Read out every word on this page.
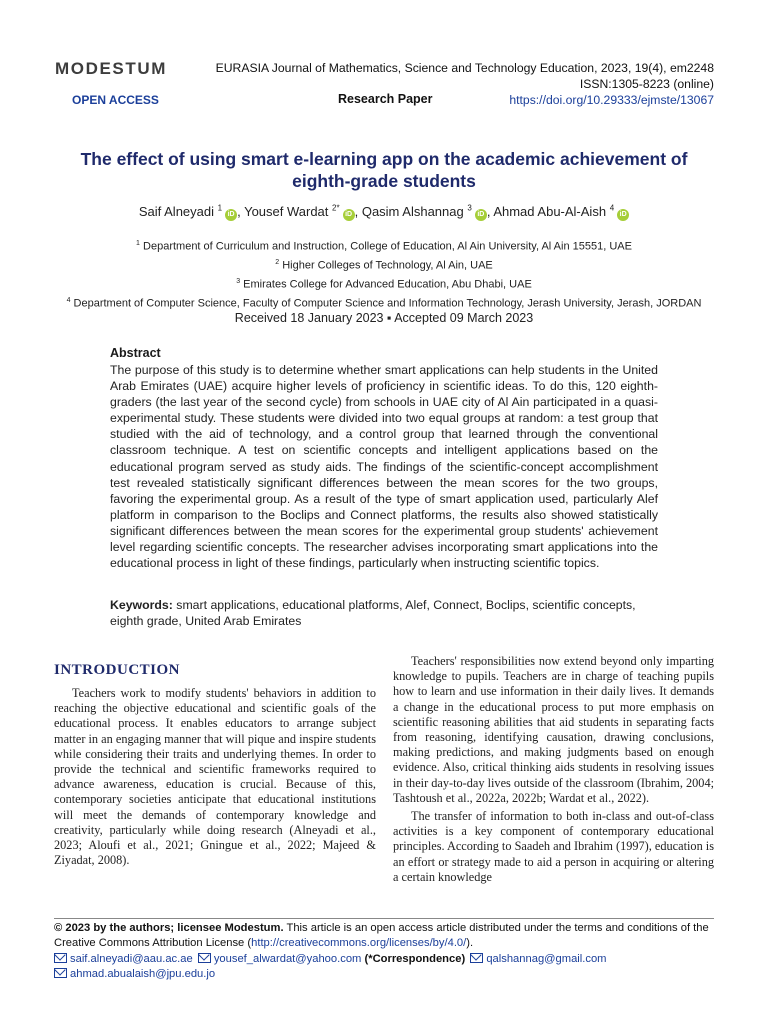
MODESTUM	EURASIA Journal of Mathematics, Science and Technology Education, 2023, 19(4), em2248
ISSN:1305-8223 (online)
OPEN ACCESS	Research Paper	https://doi.org/10.29333/ejmste/13067
The effect of using smart e-learning app on the academic achievement of
eighth-grade students
Saif Alneyadi $^1$iD , Yousef Wardat $^{2*}$iD , Qasim Alshannag $^3$iD , Ahmad Abu-Al-Aish $^4$iD
$^1$ Department of Curriculum and Instruction, College of Education, Al Ain University, Al Ain 15551, UAE
$^2$ Higher Colleges of Technology, Al Ain, UAE
$^3$ Emirates College for Advanced Education, Abu Dhabi, UAE
$^4$ Department of Computer Science, Faculty of Computer Science and Information Technology, Jerash University, Jerash, JORDAN
Received 18 January 2023 ▪ Accepted 09 March 2023
Abstract
The purpose of this study is to determine whether smart applications can help students in the United Arab Emirates (UAE) acquire higher levels of proficiency in scientific ideas. To do this, 120 eighth-graders (the last year of the second cycle) from schools in UAE city of Al Ain participated in a quasi-experimental study. These students were divided into two equal groups at random: a test group that studied with the aid of technology, and a control group that learned through the conventional classroom technique. A test on scientific concepts and intelligent applications based on the educational program served as study aids. The findings of the scientific-concept accomplishment test revealed statistically significant differences between the mean scores for the two groups, favoring the experimental group. As a result of the type of smart application used, particularly Alef platform in comparison to the Boclips and Connect platforms, the results also showed statistically significant differences between the mean scores for the experimental group students' achievement level regarding scientific concepts. The researcher advises incorporating smart applications into the educational process in light of these findings, particularly when instructing scientific topics.
Keywords: smart applications, educational platforms, Alef, Connect, Boclips, scientific concepts, eighth grade, United Arab Emirates
INTRODUCTION

Teachers work to modify students' behaviors in addition to reaching the objective educational and scientific goals of the educational process. It enables educators to arrange subject matter in an engaging manner that will pique and inspire students while considering their traits and underlying themes. In order to provide the technical and scientific frameworks required to advance awareness, education is crucial. Because of this, contemporary societies anticipate that educational institutions will meet the demands of contemporary knowledge and creativity, particularly while doing research (Alneyadi et al., 2023; Aloufi et al., 2021; Gningue et al., 2022; Majeed & Ziyadat, 2008).

Teachers' responsibilities now extend beyond only imparting knowledge to pupils. Teachers are in charge of teaching pupils how to learn and use information in their daily lives. It demands a change in the educational process to put more emphasis on scientific reasoning abilities that aid students in separating facts from reasoning, identifying causation, drawing conclusions, making predictions, and making judgments based on enough evidence. Also, critical thinking aids students in resolving issues in their day-to-day lives outside of the classroom (Ibrahim, 2004; Tashtoush et al., 2022a, 2022b; Wardat et al., 2022).

The transfer of information to both in-class and out-of-class activities is a key component of contemporary educational principles. According to Saadeh and Ibrahim (1997), education is an effort or strategy made to aid a person in acquiring or altering a certain knowledge

© 2023 by the authors; licensee Modestum. This article is an open access article distributed under the terms and conditions of the Creative Commons Attribution License (http://creativecommons.org/licenses/by/4.0/).
saif.alneyadi@aau.ac.ae yousef_alwardat@yahoo.com (*Correspondence) qalshannag@gmail.com
ahmad.abualaish@jpu.edu.jo
